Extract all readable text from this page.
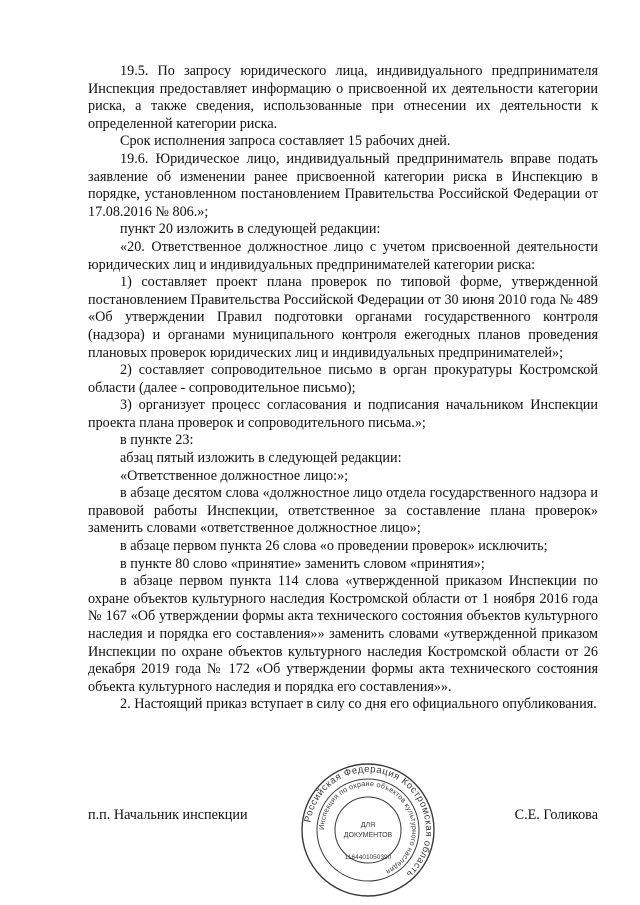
19.5. По запросу юридического лица, индивидуального предпринимателя Инспекция предоставляет информацию о присвоенной их деятельности категории риска, а также сведения, использованные при отнесении их деятельности к определенной категории риска.

Срок исполнения запроса составляет 15 рабочих дней.

19.6. Юридическое лицо, индивидуальный предприниматель вправе подать заявление об изменении ранее присвоенной категории риска в Инспекцию в порядке, установленном постановлением Правительства Российской Федерации от 17.08.2016 № 806.»;

пункт 20 изложить в следующей редакции:

«20. Ответственное должностное лицо с учетом присвоенной деятельности юридических лиц и индивидуальных предпринимателей категории риска:

1) составляет проект плана проверок по типовой форме, утвержденной постановлением Правительства Российской Федерации от 30 июня 2010 года № 489 «Об утверждении Правил подготовки органами государственного контроля (надзора) и органами муниципального контроля ежегодных планов проведения плановых проверок юридических лиц и индивидуальных предпринимателей»;

2) составляет сопроводительное письмо в орган прокуратуры Костромской области (далее - сопроводительное письмо);

3) организует процесс согласования и подписания начальником Инспекции проекта плана проверок и сопроводительного письма.»;

в пункте 23:

абзац пятый изложить в следующей редакции:

«Ответственное должностное лицо:»;

в абзаце десятом слова «должностное лицо отдела государственного надзора и правовой работы Инспекции, ответственное за составление плана проверок» заменить словами «ответственное должностное лицо»;

в абзаце первом пункта 26 слова «о проведении проверок» исключить;

в пункте 80 слово «принятие» заменить словом «принятия»;

в абзаце первом пункта 114 слова «утвержденной приказом Инспекции по охране объектов культурного наследия Костромской области от 1 ноября 2016 года № 167 «Об утверждении формы акта технического состояния объектов культурного наследия и порядка его составления»» заменить словами «утвержденной приказом Инспекции по охране объектов культурного наследия Костромской области от 26 декабря 2019 года № 172 «Об утверждении формы акта технического состояния объекта культурного наследия и порядка его составления»».

2. Настоящий приказ вступает в силу со дня его официального опубликования.

Российская Федерация Костромская область
Инспекция по охране объектов культурного наследия
ДЛЯ
ДОКУМЕНТОВ
1164401050390
п.п. Начальник инспекции	С.Е. Голикова
